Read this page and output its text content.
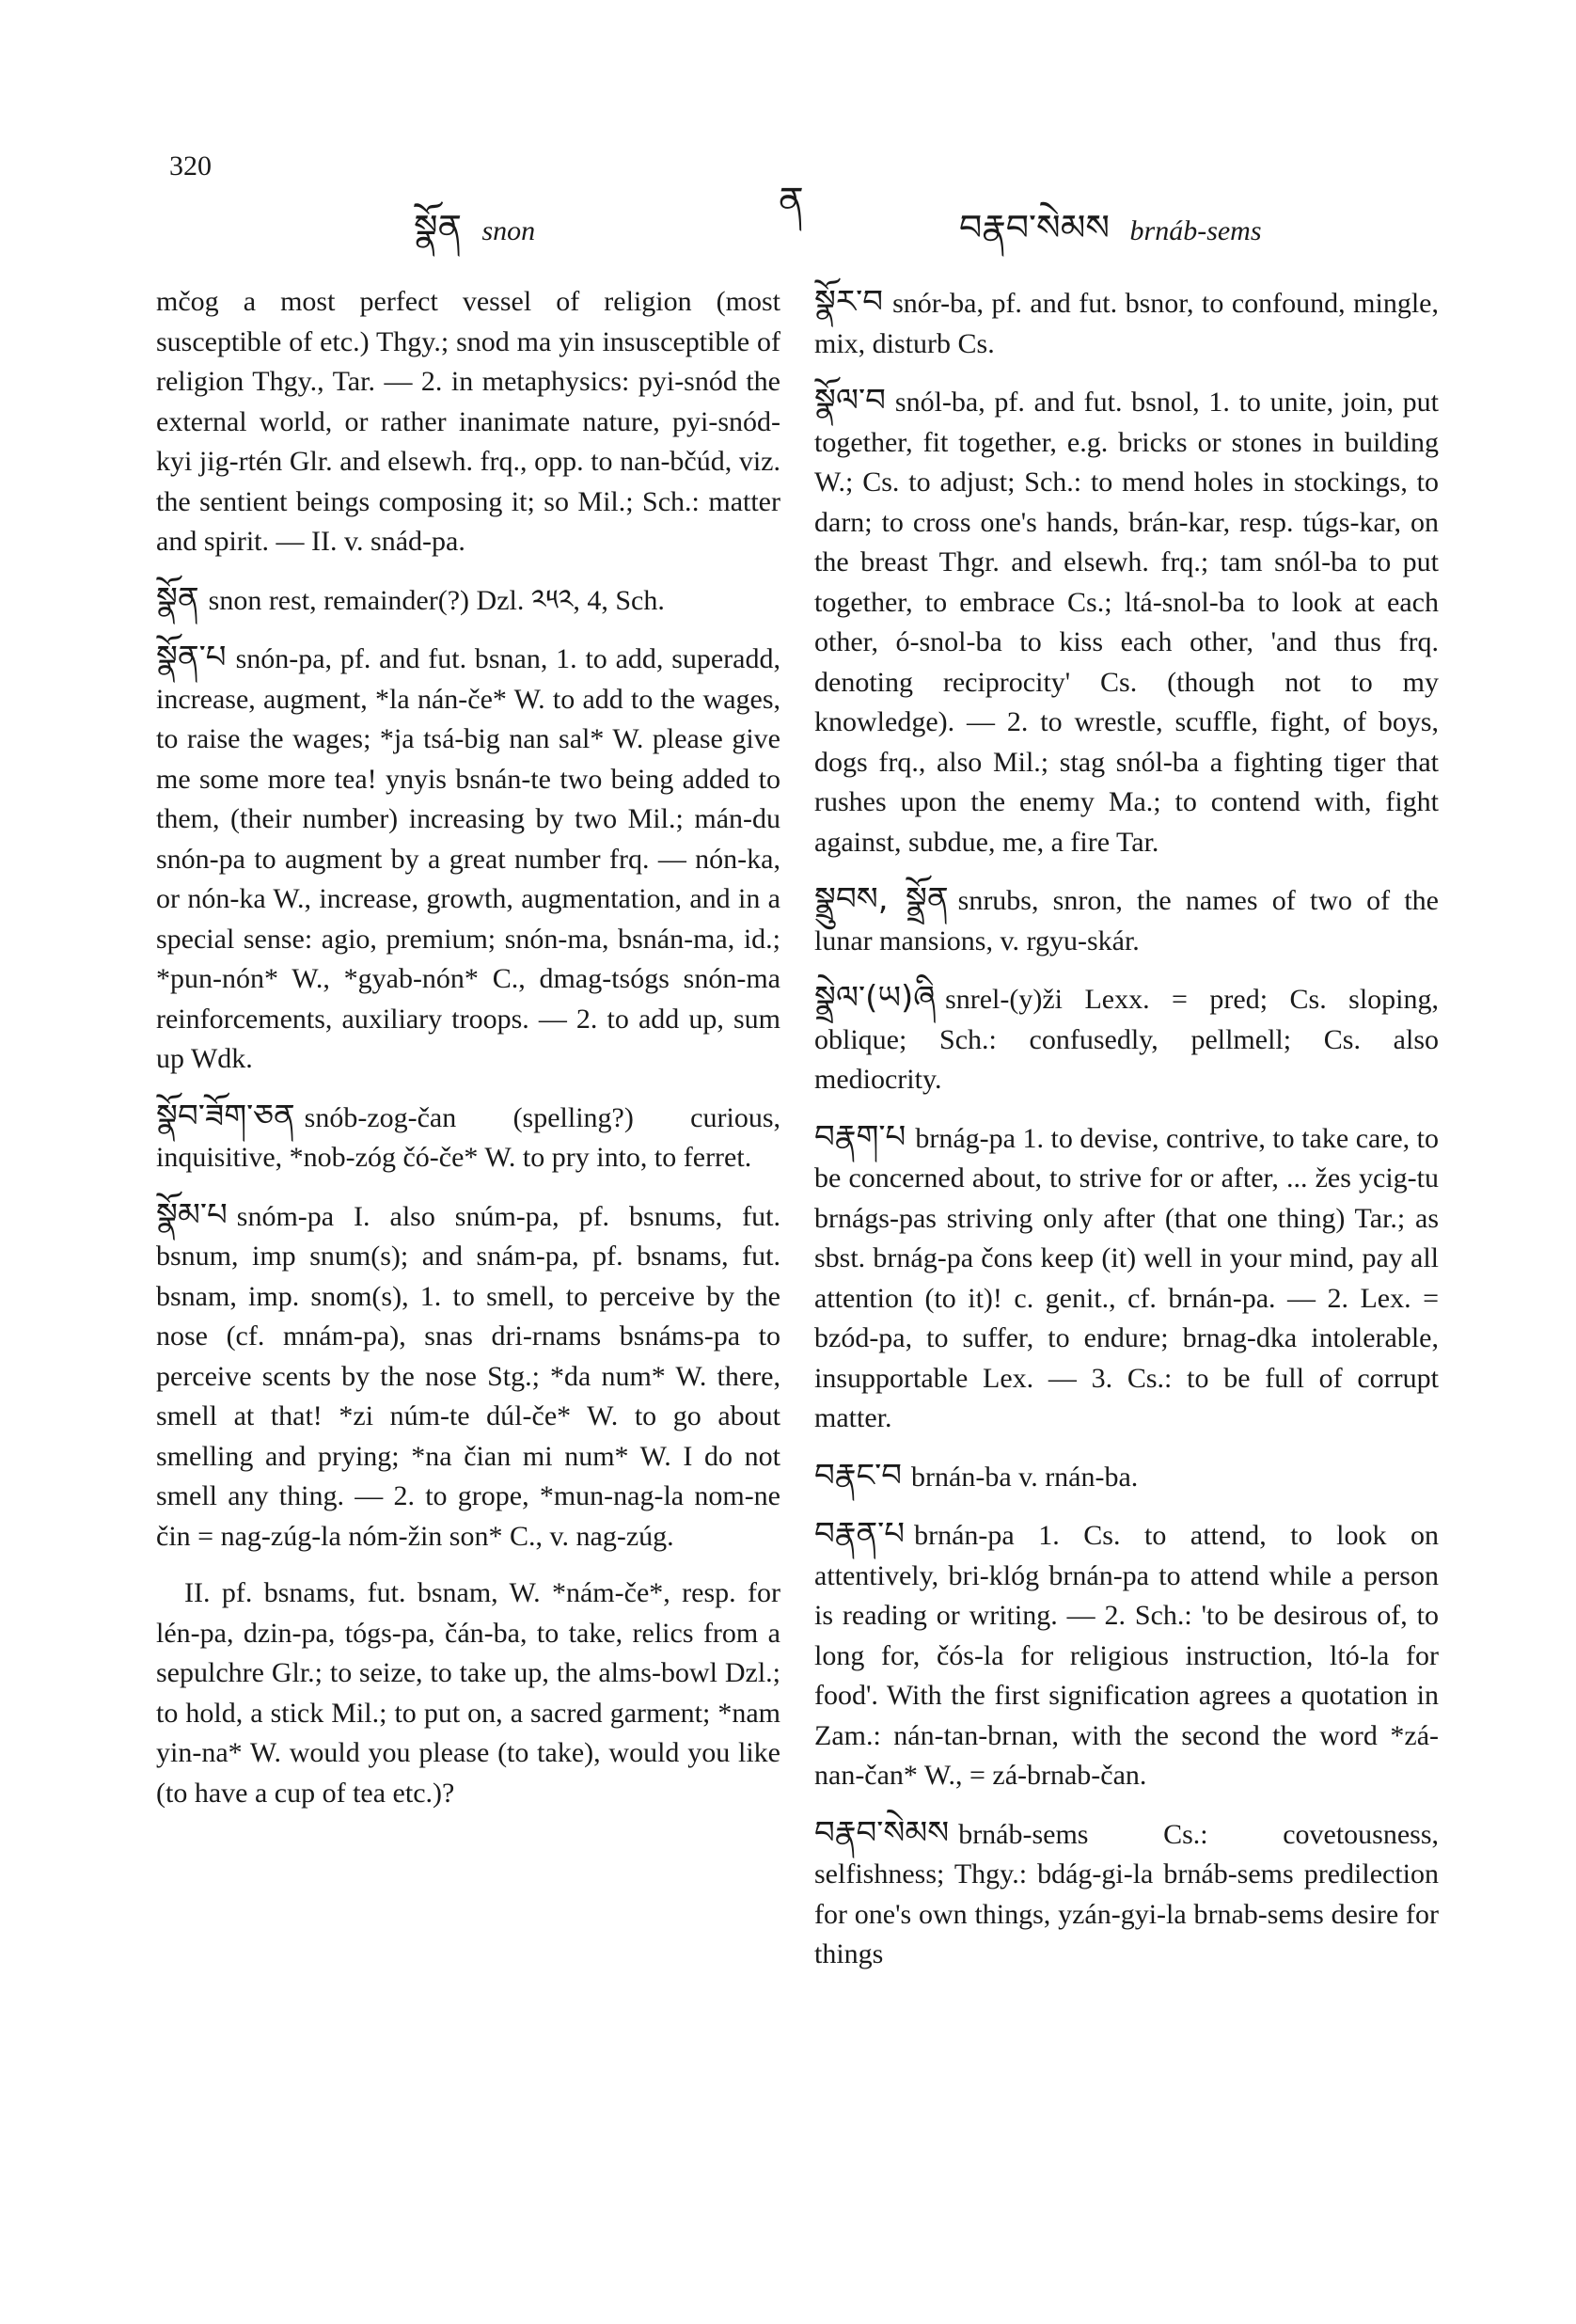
320
སྣོན snon
ན
བརྣབ་སེམས brnáb-sems

mčog a most perfect vessel of religion (most susceptible of etc.) Thgy.; snod ma yin insusceptible of religion Thgy., Tar. — 2. in metaphysics: pyi-snód the external world, or rather inanimate nature, pyi-snód-kyi jig-rtén Glr. and elsewh. frq., opp. to nan-bčúd, viz. the sentient beings composing it; so Mil.; Sch.: matter and spirit. — II. v. snád-pa.

སྣོན snon rest, remainder(?) Dzl. ༢༥༢, 4, Sch.

སྣོན་པ snón-pa, pf. and fut. bsnan, 1. to add, superadd, increase, augment, *la nán-če* W. to add to the wages, to raise the wages; *ja tsá-big nan sal* W. please give me some more tea! ynyis bsnán-te two being added to them, (their number) increasing by two Mil.; mán-du snón-pa to augment by a great number frq. — nón-ka, or nón-ka W., increase, growth, augmentation, and in a special sense: agio, premium; snón-ma, bsnán-ma, id.; *pun-nón* W., *gyab-nón* C., dmag-tsógs snón-ma reinforcements, auxiliary troops. — 2. to add up, sum up Wdk.

སྣོབ་ཟོག་ཅན snób-zog-čan (spelling?) curious, inquisitive, *nob-zóg čó-če* W. to pry into, to ferret.

སྣོམ་པ snóm-pa I. also snúm-pa, pf. bsnums, fut. bsnum, imp snum(s); and snám-pa, pf. bsnams, fut. bsnam, imp. snom(s), 1. to smell, to perceive by the nose (cf. mnám-pa), snas dri-rnams bsnáms-pa to perceive scents by the nose Stg.; *da num* W. there, smell at that! *zi núm-te dúl-če* W. to go about smelling and prying; *na čian mi num* W. I do not smell any thing. — 2. to grope, *mun-nag-la nom-ne čin = nag-zúg-la nóm-žin son* C., v. nag-zúg.

II. pf. bsnams, fut. bsnam, W. *nám-če*, resp. for lén-pa, dzin-pa, tógs-pa, čán-ba, to take, relics from a sepulchre Glr.; to seize, to take up, the alms-bowl Dzl.; to hold, a stick Mil.; to put on, a sacred garment; *nam yin-na* W. would you please (to take), would you like (to have a cup of tea etc.)?

སྣོར་བ snór-ba, pf. and fut. bsnor, to confound, mingle, mix, disturb Cs.

སྣོལ་བ snól-ba, pf. and fut. bsnol, 1. to unite, join, put together, fit together, e.g. bricks or stones in building W.; Cs. to adjust; Sch.: to mend holes in stockings, to darn; to cross one's hands, brán-kar, resp. túgs-kar, on the breast Thgr. and elsewh. frq.; tam snól-ba to put together, to embrace Cs.; ltá-snol-ba to look at each other, ó-snol-ba to kiss each other, 'and thus frq. denoting reciprocity' Cs. (though not to my knowledge). — 2. to wrestle, scuffle, fight, of boys, dogs frq., also Mil.; stag snól-ba a fighting tiger that rushes upon the enemy Ma.; to contend with, fight against, subdue, me, a fire Tar.

སྣྲུབས, སྣྲོན snrubs, snron, the names of two of the lunar mansions, v. rgyu-skár.

སྣྲེལ་(ཡ)ཞི snrel-(y)ži Lexx. = pred; Cs. sloping, oblique; Sch.: confusedly, pellmell; Cs. also mediocrity.

བརྣག་པ brnág-pa 1. to devise, contrive, to take care, to be concerned about, to strive for or after, ... žes ycig-tu brnágs-pas striving only after (that one thing) Tar.; as sbst. brnág-pa čons keep (it) well in your mind, pay all attention (to it)! c. genit., cf. brnán-pa. — 2. Lex. = bzód-pa, to suffer, to endure; brnag-dka intolerable, insupportable Lex. — 3. Cs.: to be full of corrupt matter.

བརྣང་བ brnán-ba v. rnán-ba.

བརྣན་པ brnán-pa 1. Cs. to attend, to look on attentively, bri-klóg brnán-pa to attend while a person is reading or writing. — 2. Sch.: 'to be desirous of, to long for, čós-la for religious instruction, ltó-la for food'. With the first signification agrees a quotation in Zam.: nán-tan-brnan, with the second the word *zá-nan-čan* W., = zá-brnab-čan.

བརྣབ་སེམས brnáb-sems Cs.: covetousness, selfishness; Thgy.: bdág-gi-la brnáb-sems predilection for one's own things, yzán-gyi-la brnab-sems desire for things
